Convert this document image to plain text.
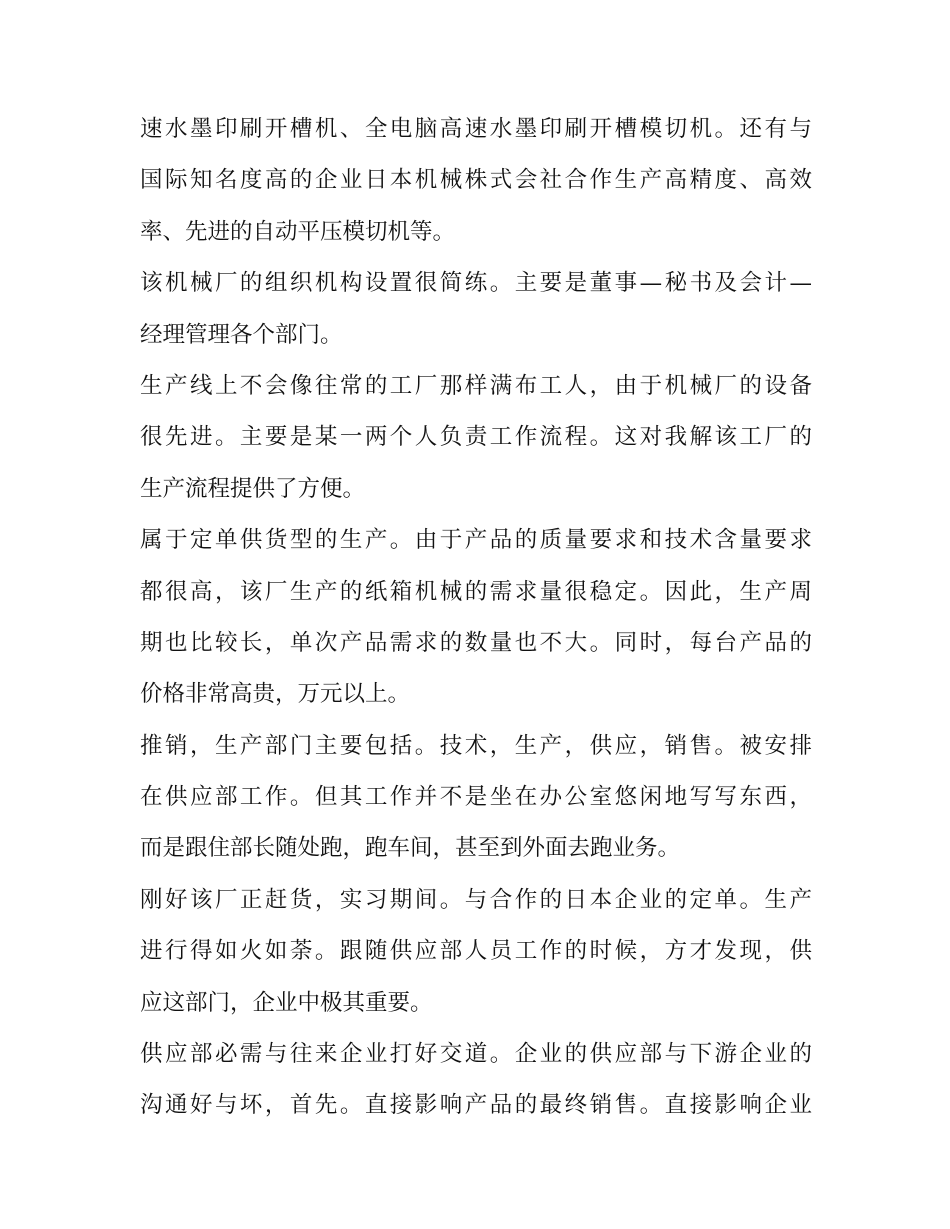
速水墨印刷开槽机、全电脑高速水墨印刷开槽模切机。还有与
国际知名度高的企业日本机械株式会社合作生产高精度、高效
率、先进的自动平压模切机等。
该机械厂的组织机构设置很简练。主要是董事—秘书及会计—
经理管理各个部门。
生产线上不会像往常的工厂那样满布工人，由于机械厂的设备
很先进。主要是某一两个人负责工作流程。这对我解该工厂的
生产流程提供了方便。
属于定单供货型的生产。由于产品的质量要求和技术含量要求
都很高，该厂生产的纸箱机械的需求量很稳定。因此，生产周
期也比较长，单次产品需求的数量也不大。同时，每台产品的
价格非常高贵，万元以上。
推销，生产部门主要包括。技术，生产，供应，销售。被安排
在供应部工作。但其工作并不是坐在办公室悠闲地写写东西，
而是跟住部长随处跑，跑车间，甚至到外面去跑业务。
刚好该厂正赶货，实习期间。与合作的日本企业的定单。生产
进行得如火如荼。跟随供应部人员工作的时候，方才发现，供
应这部门，企业中极其重要。
供应部必需与往来企业打好交道。企业的供应部与下游企业的
沟通好与坏，首先。直接影响产品的最终销售。直接影响企业
